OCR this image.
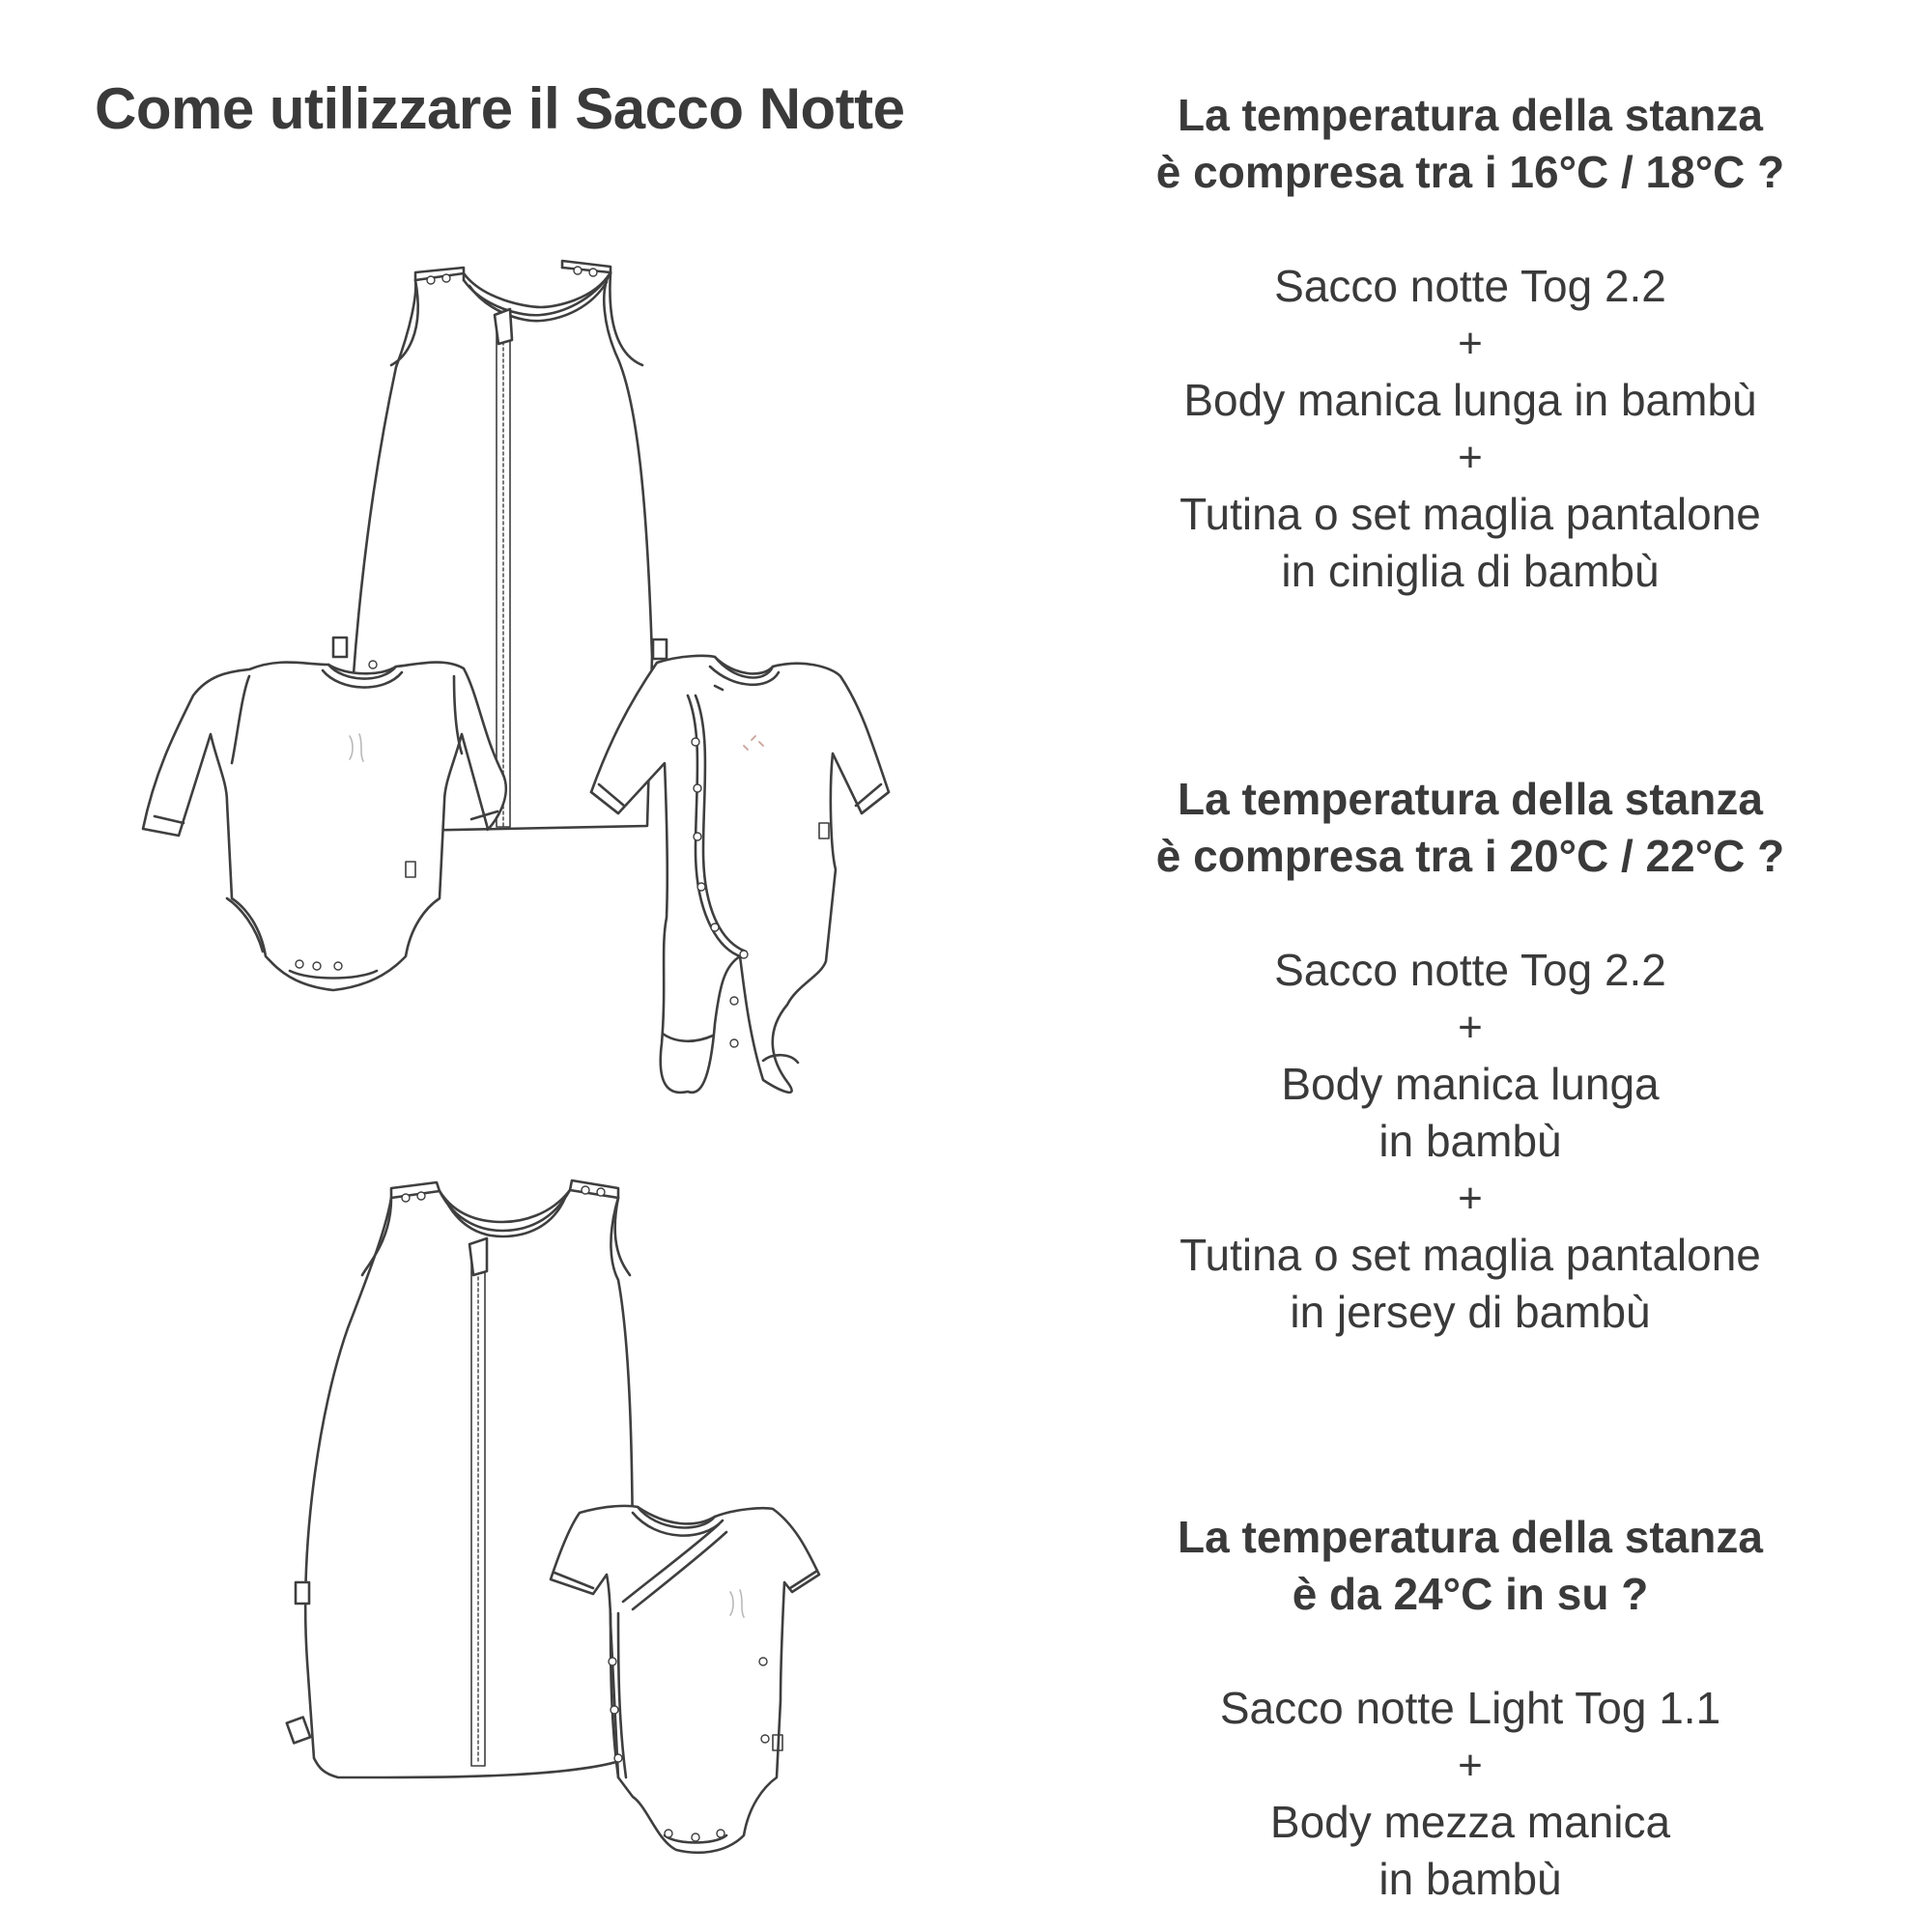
Come utilizzare il Sacco Notte	La temperatura della stanza
è compresa tra i 16°C / 18°C ?
Sacco notte Tog 2.2
+
Body manica lunga in bambù
+
Tutina o set maglia pantalone
in ciniglia di bambù
La temperatura della stanza
è compresa tra i 20°C / 22°C ?
Sacco notte Tog 2.2
+
Body manica lunga
in bambù
+
Tutina o set maglia pantalone
in jersey di bambù
La temperatura della stanza
è da 24°C in su ?
Sacco notte Light Tog 1.1
+
Body mezza manica
in bambù
